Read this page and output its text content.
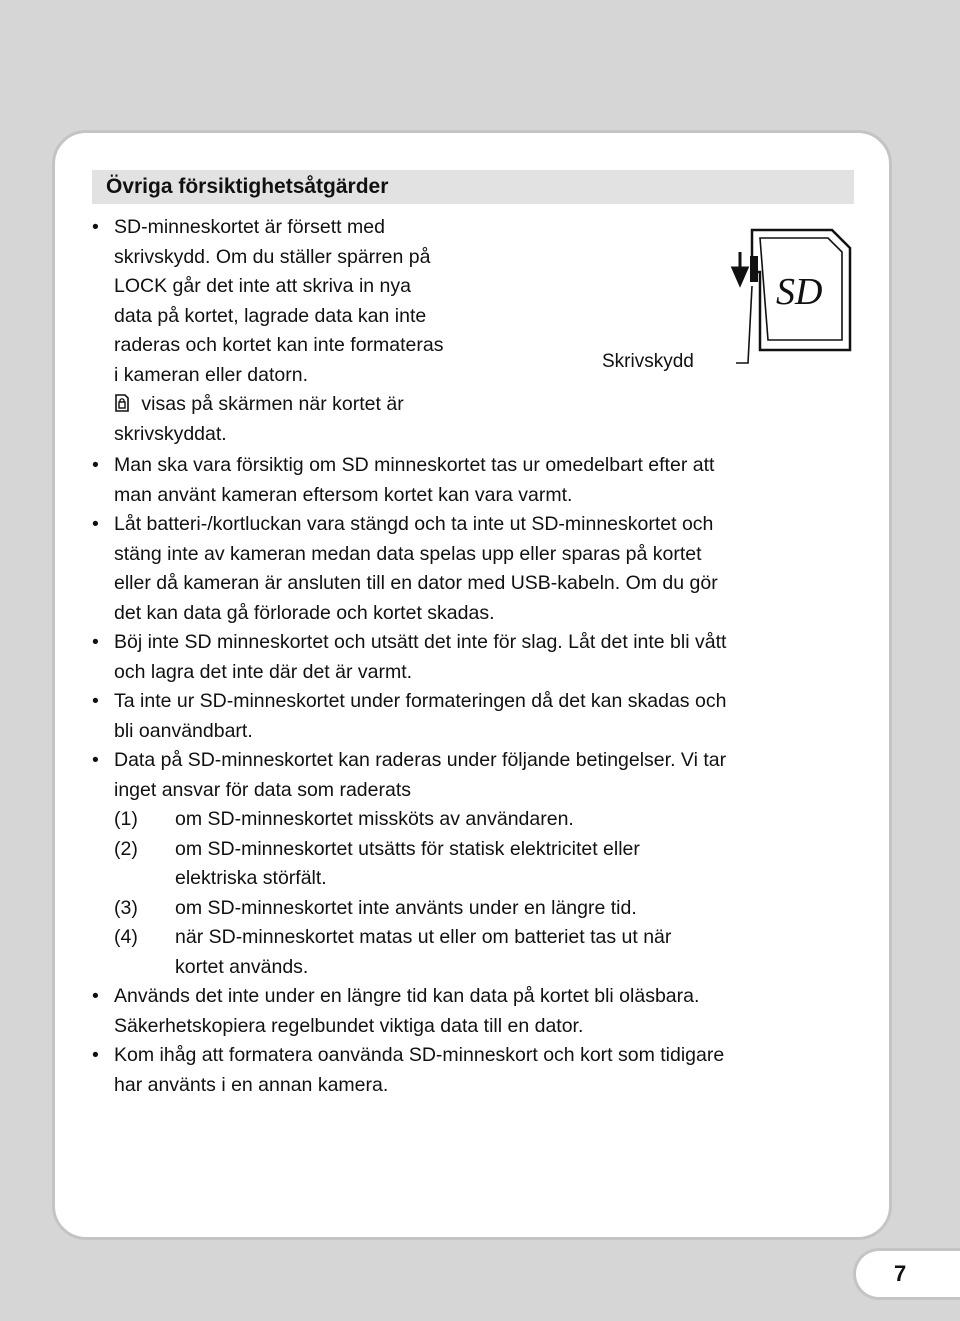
Övriga försiktighetsåtgärder
• SD-minneskortet är försett med
skrivskydd. Om du ställer spärren på
LOCK går det inte att skriva in nya
data på kortet, lagrade data kan inte
raderas och kortet kan inte formateras
i kameran eller datorn.
visas på skärmen när kortet är
skrivskyddat.
SD
Skrivskydd
• Man ska vara försiktig om SD minneskortet tas ur omedelbart efter att
man använt kameran eftersom kortet kan vara varmt.
• Låt batteri-/kortluckan vara stängd och ta inte ut SD-minneskortet och
stäng inte av kameran medan data spelas upp eller sparas på kortet
eller då kameran är ansluten till en dator med USB-kabeln. Om du gör
det kan data gå förlorade och kortet skadas.
• Böj inte SD minneskortet och utsätt det inte för slag. Låt det inte bli vått
och lagra det inte där det är varmt.
• Ta inte ur SD-minneskortet under formateringen då det kan skadas och
bli oanvändbart.
• Data på SD-minneskortet kan raderas under följande betingelser. Vi tar
inget ansvar för data som raderats
(1) om SD-minneskortet missköts av användaren.
(2) om SD-minneskortet utsätts för statisk elektricitet eller
elektriska störfält.
(3) om SD-minneskortet inte använts under en längre tid.
(4) när SD-minneskortet matas ut eller om batteriet tas ut när
kortet används.
• Används det inte under en längre tid kan data på kortet bli oläsbara.
Säkerhetskopiera regelbundet viktiga data till en dator.
• Kom ihåg att formatera oanvända SD-minneskort och kort som tidigare
har använts i en annan kamera.
7
